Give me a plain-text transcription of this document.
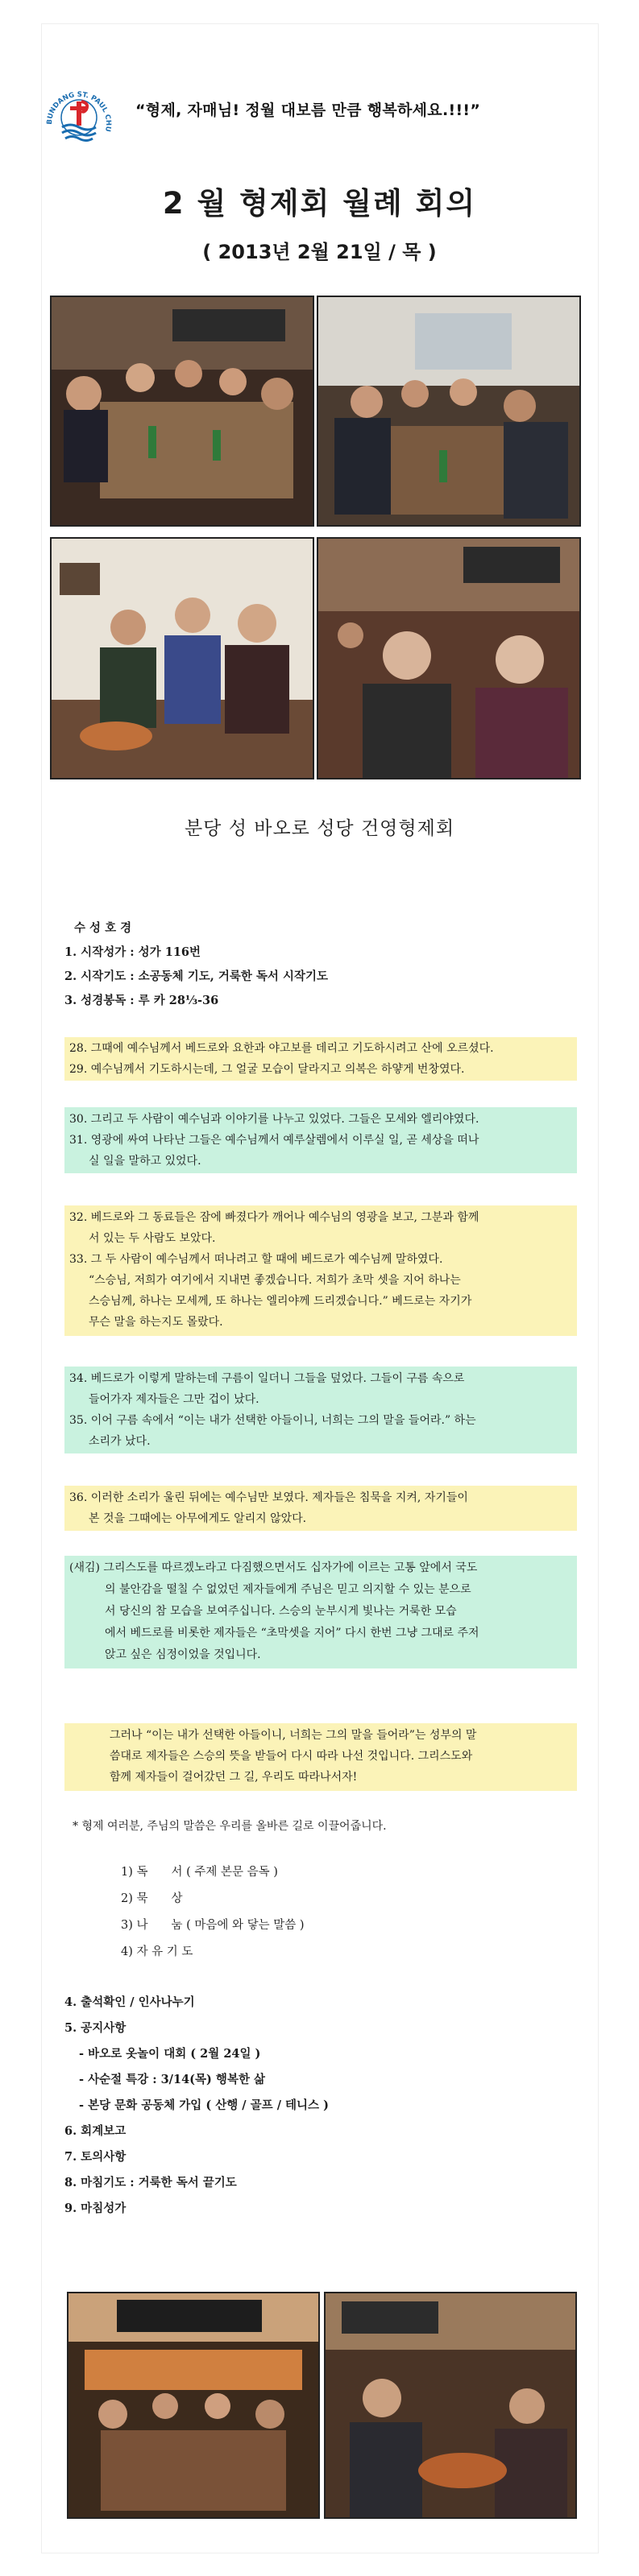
BUNDANG ST. PAUL CHU
“형제, 자매님! 정월 대보름 만큼 행복하세요.!!!”
2 월 형제회 월례 회의
( 2013년 2월 21일 / 목 )
분당 성 바오로 성당 건영형제회
수 성 호 경
1. 시작성가 : 성가 116번
2. 시작기도 : 소공동체 기도, 거룩한 독서 시작기도
3. 성경봉독 : 루 카 28⅓-36
28. 그때에 예수님께서 베드로와 요한과 야고보를 데리고 기도하시려고 산에 오르셨다.
29. 예수님께서 기도하시는데, 그 얼굴 모습이 달라지고 의복은 하얗게 번창였다.
30. 그리고 두 사람이 예수님과 이야기를 나누고 있었다. 그들은 모세와 엘리야였다.
31. 영광에 싸여 나타난 그들은 예수님께서 예루살렘에서 이루실 일, 곧 세상을 떠나
실 일을 말하고 있었다.
32. 베드로와 그 동료들은 잠에 빠졌다가 깨어나 예수님의 영광을 보고, 그분과 함께
서 있는 두 사람도 보았다.
33. 그 두 사람이 예수님께서 떠나려고 할 때에 베드로가 예수님께 말하였다.
“스승님, 저희가 여기에서 지내면 좋겠습니다. 저희가 초막 셋을 지어 하나는
스승님께, 하나는 모세께, 또 하나는 엘리야께 드리겠습니다.” 베드로는 자기가
무슨 말을 하는지도 몰랐다.
34. 베드로가 이렇게 말하는데 구름이 일더니 그들을 덮었다. 그들이 구름 속으로
들어가자 제자들은 그만 겁이 났다.
35. 이어 구름 속에서 “이는 내가 선택한 아들이니, 너희는 그의 말을 들어라.” 하는
소리가 났다.
36. 이러한 소리가 울린 뒤에는 예수님만 보였다. 제자들은 침묵을 지켜, 자기들이
본 것을 그때에는 아무에게도 알리지 않았다.
(새김) 그리스도를 따르겠노라고 다짐했으면서도 십자가에 이르는 고통 앞에서 국도
의 불안감을 떨칠 수 없었던 제자들에게 주님은 믿고 의지할 수 있는 분으로
서 당신의 참 모습을 보여주십니다. 스승의 눈부시게 빛나는 거룩한 모습
에서 베드로를 비롯한 제자들은 “초막셋을 지어” 다시 한번 그냥 그대로 주저
앉고 싶은 심정이었을 것입니다.
그러나 “이는 내가 선택한 아들이니, 너희는 그의 말을 들어라”는 성부의 말
씀대로 제자들은 스승의 뜻을 받들어 다시 따라 나선 것입니다. 그리스도와
함께 제자들이 걸어갔던 그 길, 우리도 따라나서자!
* 형제 여러분, 주님의 말씀은 우리를 올바른 길로 이끌어줍니다.
1) 독　　서 ( 주제 본문 음독 )
2) 묵　　상
3) 나　　눔 ( 마음에 와 닿는 말씀 )
4) 자 유 기 도
4. 출석확인 / 인사나누기
5. 공지사항
- 바오로 옷놀이 대회 ( 2월 24일 )
- 사순절 특강 : 3/14(목) 행복한 삶
- 본당 문화 공동체 가입 ( 산행 / 골프 / 테니스 )
6. 회계보고
7. 토의사항
8. 마침기도 : 거룩한 독서 끝기도
9. 마침성가
